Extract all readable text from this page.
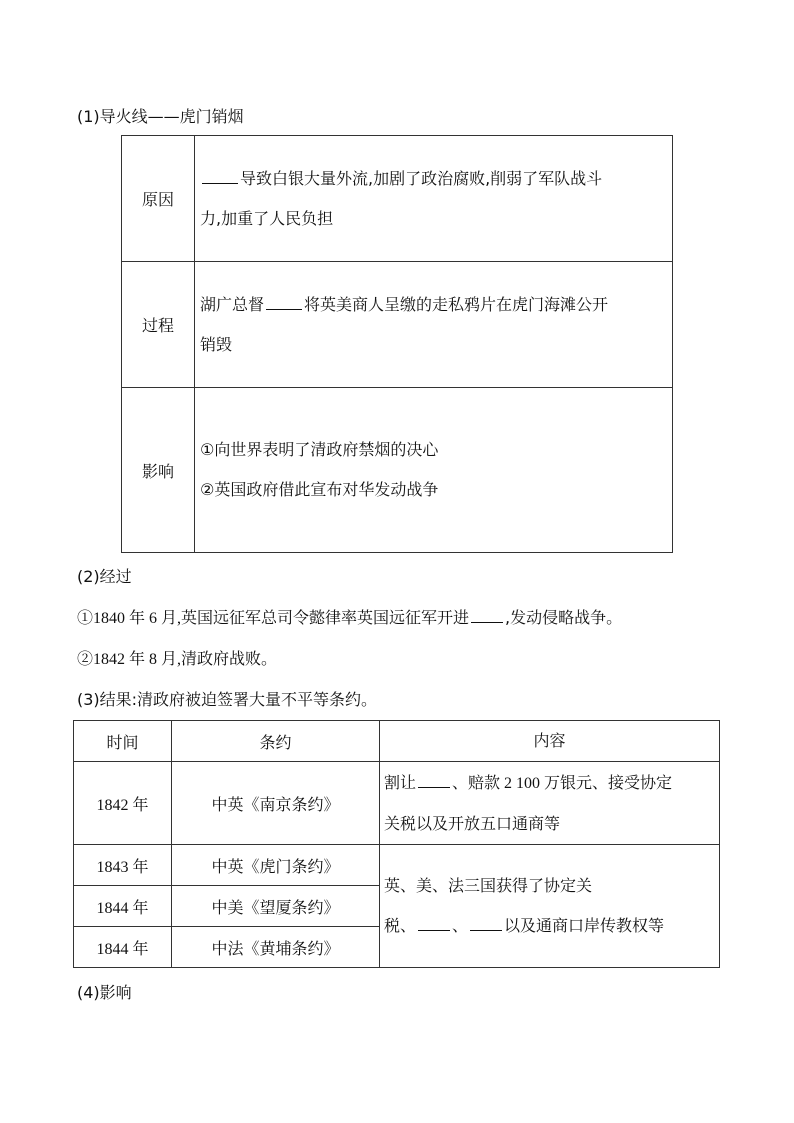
(1)导火线——虎门销烟
原因	导致白银大量外流,加剧了政治腐败,削弱了军队战斗
力,加重了人民负担

过程	湖广总督 将英美商人呈缴的走私鸦片在虎门海滩公开
销毁

影响	①向世界表明了清政府禁烟的决心
②英国政府借此宣布对华发动战争
(2)经过
①1840 年 6 月,英国远征军总司令懿律率英国远征军开进 ,发动侵略战争。
②1842 年 8 月,清政府战败。
(3)结果:清政府被迫签署大量不平等条约。
时间	条约	内容
1842 年	中英《南京条约》	割让 、赔款 2 100 万银元、接受协定
关税以及开放五口通商等

1843 年	中英《虎门条约》	英、美、法三国获得了协定关
税、 、 以及通商口岸传教权等

1844 年	中美《望厦条约》	
1844 年	中法《黄埔条约》	
(4)影响
